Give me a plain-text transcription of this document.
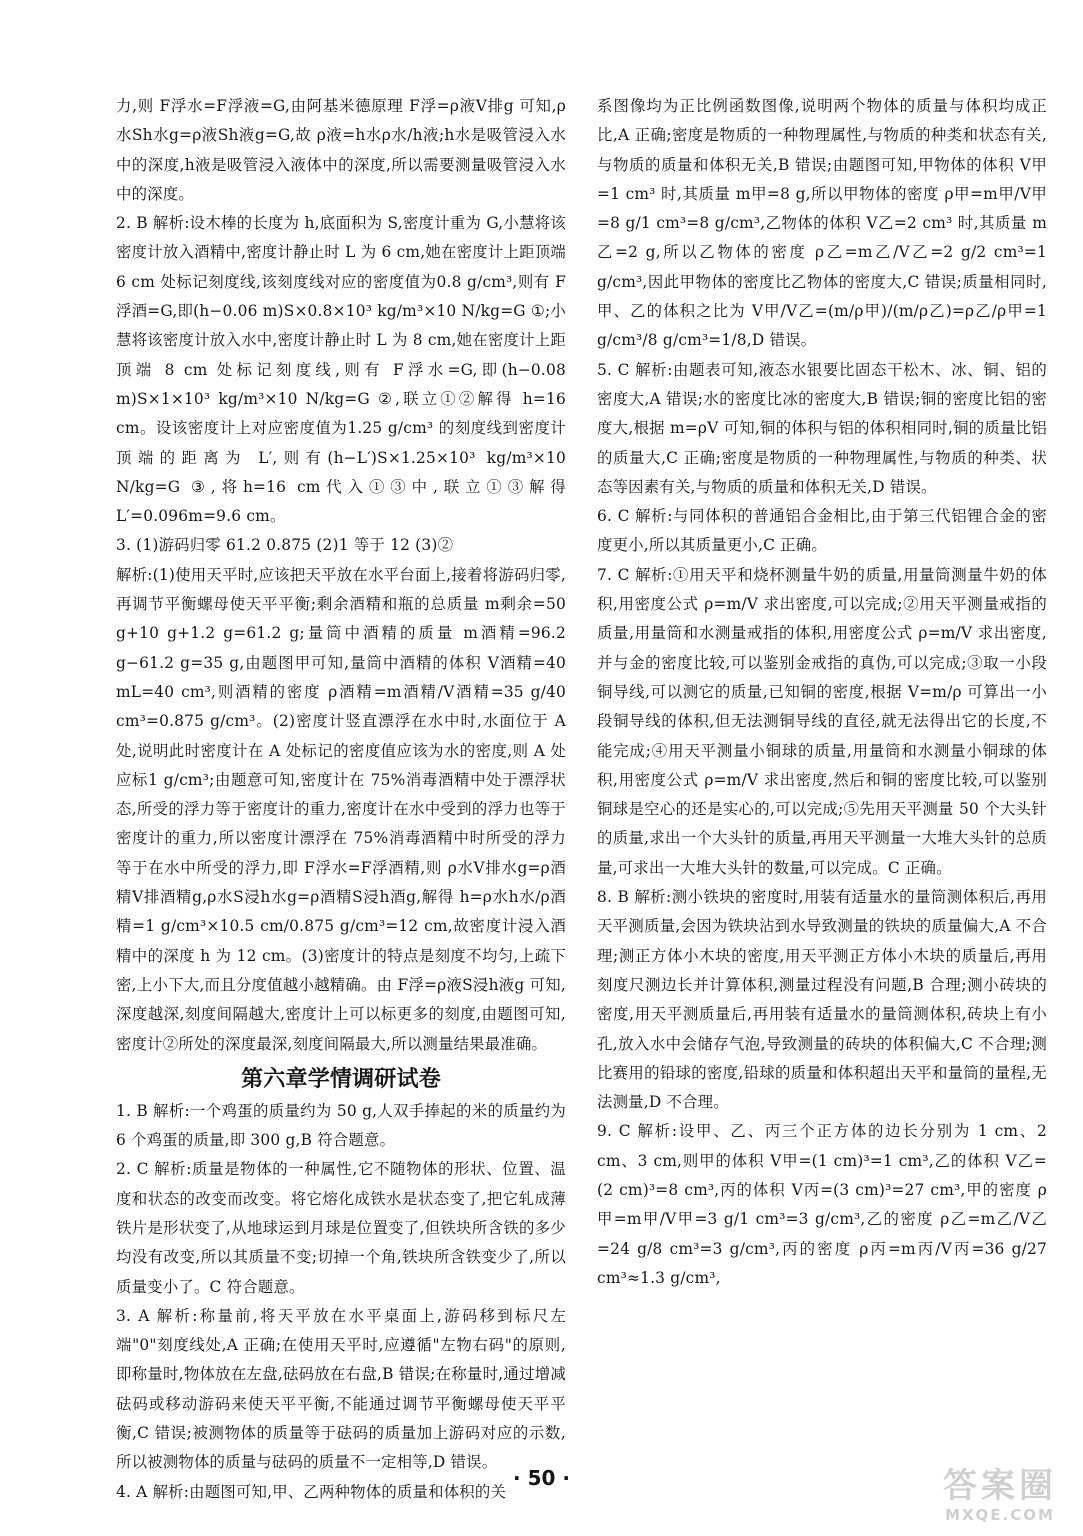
力,则 F浮水=F浮液=G,由阿基米德原理 F浮=ρ液V排g 可知,ρ水Sh水g=ρ液Sh液g=G,故 ρ液=h水ρ水/h液;h水是吸管浸入水中的深度,h液是吸管浸入液体中的深度,所以需要测量吸管浸入水中的深度。

2. B 解析:设木棒的长度为 h,底面积为 S,密度计重为 G,小慧将该密度计放入酒精中,密度计静止时 L 为 6 cm,她在密度计上距顶端 6 cm 处标记刻度线,该刻度线对应的密度值为0.8 g/cm³,则有 F浮酒=G,即(h−0.06 m)S×0.8×10³ kg/m³×10 N/kg=G ①;小慧将该密度计放入水中,密度计静止时 L 为 8 cm,她在密度计上距顶端 8 cm 处标记刻度线,则有 F浮水=G,即(h−0.08 m)S×1×10³ kg/m³×10 N/kg=G ②,联立①②解得 h=16 cm。设该密度计上对应密度值为1.25 g/cm³ 的刻度线到密度计顶端的距离为 L′,则有(h−L′)S×1.25×10³ kg/m³×10 N/kg=G ③,将h=16 cm代入①③中,联立①③解得 L′=0.096m=9.6 cm。

3. (1)游码归零 61.2 0.875 (2)1 等于 12 (3)②

解析:(1)使用天平时,应该把天平放在水平台面上,接着将游码归零,再调节平衡螺母使天平平衡;剩余酒精和瓶的总质量 m剩余=50 g+10 g+1.2 g=61.2 g;量筒中酒精的质量 m酒精=96.2 g−61.2 g=35 g,由题图甲可知,量筒中酒精的体积 V酒精=40 mL=40 cm³,则酒精的密度 ρ酒精=m酒精/V酒精=35 g/40 cm³=0.875 g/cm³。(2)密度计竖直漂浮在水中时,水面位于 A 处,说明此时密度计在 A 处标记的密度值应该为水的密度,则 A 处应标1 g/cm³;由题意可知,密度计在 75%消毒酒精中处于漂浮状态,所受的浮力等于密度计的重力,密度计在水中受到的浮力也等于密度计的重力,所以密度计漂浮在 75%消毒酒精中时所受的浮力等于在水中所受的浮力,即 F浮水=F浮酒精,则 ρ水V排水g=ρ酒精V排酒精g,ρ水S浸h水g=ρ酒精S浸h酒g,解得 h=ρ水h水/ρ酒精=1 g/cm³×10.5 cm/0.875 g/cm³=12 cm,故密度计浸入酒精中的深度 h 为 12 cm。(3)密度计的特点是刻度不均匀,上疏下密,上小下大,而且分度值越小越精确。由 F浮=ρ液S浸h液g 可知,深度越深,刻度间隔越大,密度计上可以标更多的刻度,由题图可知,密度计②所处的深度最深,刻度间隔最大,所以测量结果最准确。

第六章学情调研试卷

1. B 解析:一个鸡蛋的质量约为 50 g,人双手捧起的米的质量约为 6 个鸡蛋的质量,即 300 g,B 符合题意。

2. C 解析:质量是物体的一种属性,它不随物体的形状、位置、温度和状态的改变而改变。将它熔化成铁水是状态变了,把它轧成薄铁片是形状变了,从地球运到月球是位置变了,但铁块所含铁的多少均没有改变,所以其质量不变;切掉一个角,铁块所含铁变少了,所以质量变小了。C 符合题意。

3. A 解析:称量前,将天平放在水平桌面上,游码移到标尺左端"0"刻度线处,A 正确;在使用天平时,应遵循"左物右码"的原则,即称量时,物体放在左盘,砝码放在右盘,B 错误;在称量时,通过增减砝码或移动游码来使天平平衡,不能通过调节平衡螺母使天平平衡,C 错误;被测物体的质量等于砝码的质量加上游码对应的示数,所以被测物体的质量与砝码的质量不一定相等,D 错误。

4. A 解析:由题图可知,甲、乙两种物体的质量和体积的关

系图像均为正比例函数图像,说明两个物体的质量与体积均成正比,A 正确;密度是物质的一种物理属性,与物质的种类和状态有关,与物质的质量和体积无关,B 错误;由题图可知,甲物体的体积 V甲=1 cm³ 时,其质量 m甲=8 g,所以甲物体的密度 ρ甲=m甲/V甲=8 g/1 cm³=8 g/cm³,乙物体的体积 V乙=2 cm³ 时,其质量 m乙=2 g,所以乙物体的密度 ρ乙=m乙/V乙=2 g/2 cm³=1 g/cm³,因此甲物体的密度比乙物体的密度大,C 错误;质量相同时,甲、乙的体积之比为 V甲/V乙=(m/ρ甲)/(m/ρ乙)=ρ乙/ρ甲=1 g/cm³/8 g/cm³=1/8,D 错误。

5. C 解析:由题表可知,液态水银要比固态干松木、冰、铜、铝的密度大,A 错误;水的密度比冰的密度大,B 错误;铜的密度比铝的密度大,根据 m=ρV 可知,铜的体积与铝的体积相同时,铜的质量比铝的质量大,C 正确;密度是物质的一种物理属性,与物质的种类、状态等因素有关,与物质的质量和体积无关,D 错误。

6. C 解析:与同体积的普通铝合金相比,由于第三代铝锂合金的密度更小,所以其质量更小,C 正确。

7. C 解析:①用天平和烧杯测量牛奶的质量,用量筒测量牛奶的体积,用密度公式 ρ=m/V 求出密度,可以完成;②用天平测量戒指的质量,用量筒和水测量戒指的体积,用密度公式 ρ=m/V 求出密度,并与金的密度比较,可以鉴别金戒指的真伪,可以完成;③取一小段铜导线,可以测它的质量,已知铜的密度,根据 V=m/ρ 可算出一小段铜导线的体积,但无法测铜导线的直径,就无法得出它的长度,不能完成;④用天平测量小铜球的质量,用量筒和水测量小铜球的体积,用密度公式 ρ=m/V 求出密度,然后和铜的密度比较,可以鉴别铜球是空心的还是实心的,可以完成;⑤先用天平测量 50 个大头针的质量,求出一个大头针的质量,再用天平测量一大堆大头针的总质量,可求出一大堆大头针的数量,可以完成。C 正确。

8. B 解析:测小铁块的密度时,用装有适量水的量筒测体积后,再用天平测质量,会因为铁块沾到水导致测量的铁块的质量偏大,A 不合理;测正方体小木块的密度,用天平测正方体小木块的质量后,再用刻度尺测边长并计算体积,测量过程没有问题,B 合理;测小砖块的密度,用天平测质量后,再用装有适量水的量筒测体积,砖块上有小孔,放入水中会储存气泡,导致测量的砖块的体积偏大,C 不合理;测比赛用的铅球的密度,铅球的质量和体积超出天平和量筒的量程,无法测量,D 不合理。

9. C 解析:设甲、乙、丙三个正方体的边长分别为 1 cm、2 cm、3 cm,则甲的体积 V甲=(1 cm)³=1 cm³,乙的体积 V乙=(2 cm)³=8 cm³,丙的体积 V丙=(3 cm)³=27 cm³,甲的密度 ρ甲=m甲/V甲=3 g/1 cm³=3 g/cm³,乙的密度 ρ乙=m乙/V乙=24 g/8 cm³=3 g/cm³,丙的密度 ρ丙=m丙/V丙=36 g/27 cm³≈1.3 g/cm³,

· 50 ·	答案圈
MXQE.COM
